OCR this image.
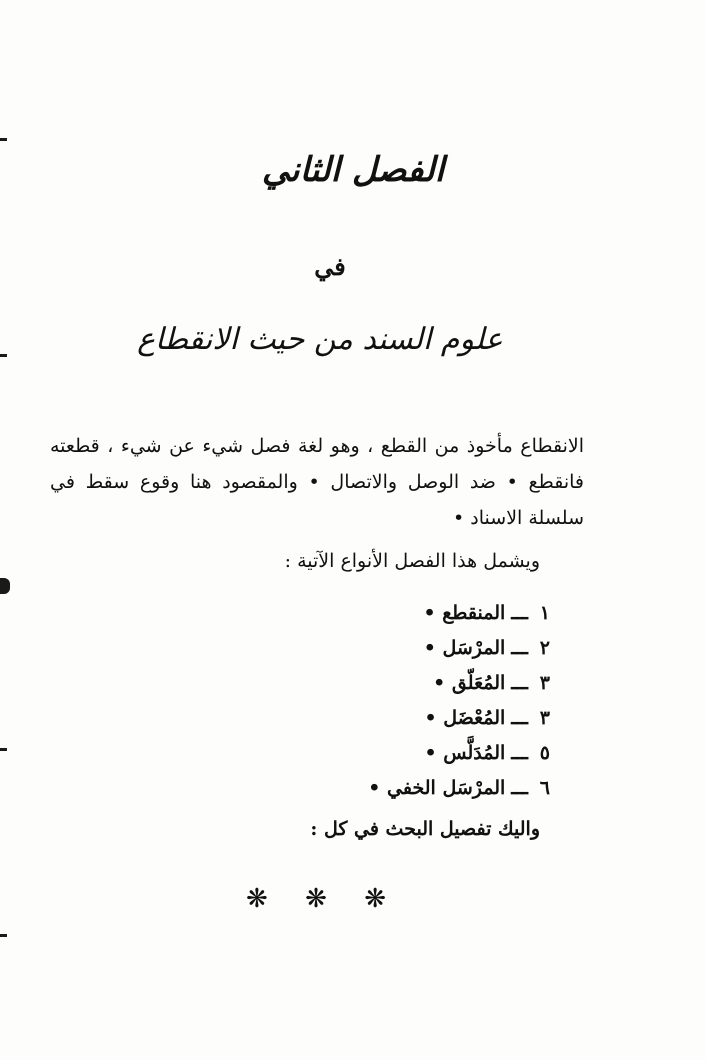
الفصل الثاني
في
علوم السند من حيث الانقطاع

الانقطاع مأخوذ من القطع ، وهو لغة فصل شيء عن شيء ، قطعته فانقطع • ضد الوصل والاتصال • والمقصود هنا وقوع سقط في سلسلة الاسناد •

ويشمل هذا الفصل الأنواع الآتية :
١ـــالمنقطع •
٢ـــالمرْسَل •
٣ـــالمُعَلّق •
٣ـــالمُعْضَل •
٥ـــالمُدَلَّس •
٦ـــالمرْسَل الخفي •
واليك تفصيل البحث في كل :
❋ ❋ ❋
